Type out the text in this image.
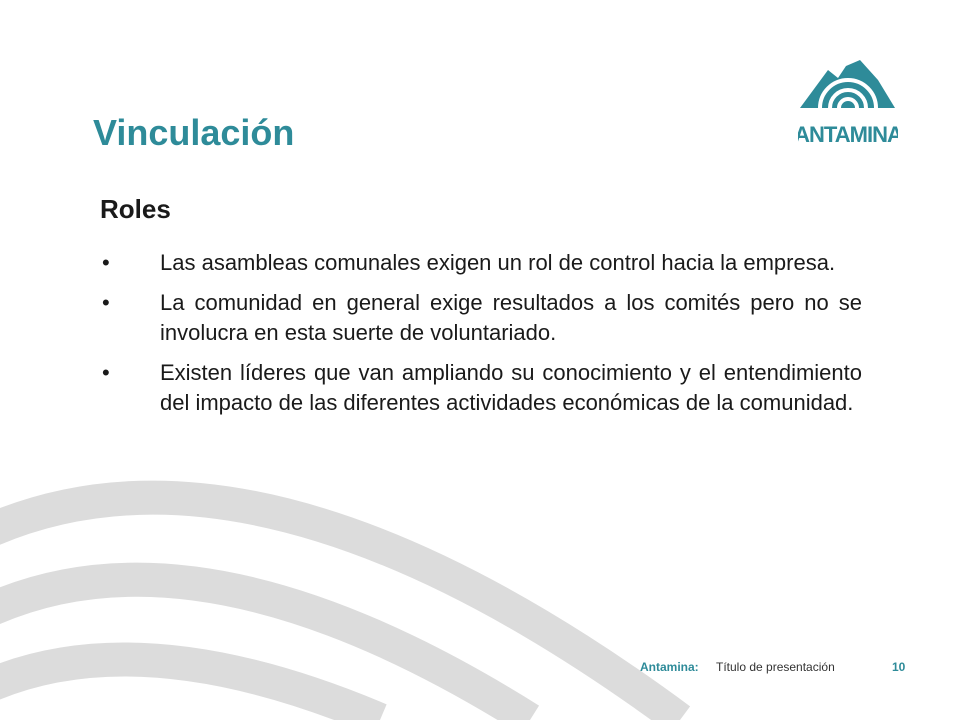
ANTAMINA
Vinculación
Roles
•	Las asambleas comunales exigen un rol de control hacia la empresa.
•	La comunidad en general exige resultados a los comités pero no se involucra en esta suerte de voluntariado.
•	Existen líderes que van ampliando su conocimiento y el entendimiento del impacto de las diferentes actividades económicas de la comunidad.
Antamina: Título de presentación	10
